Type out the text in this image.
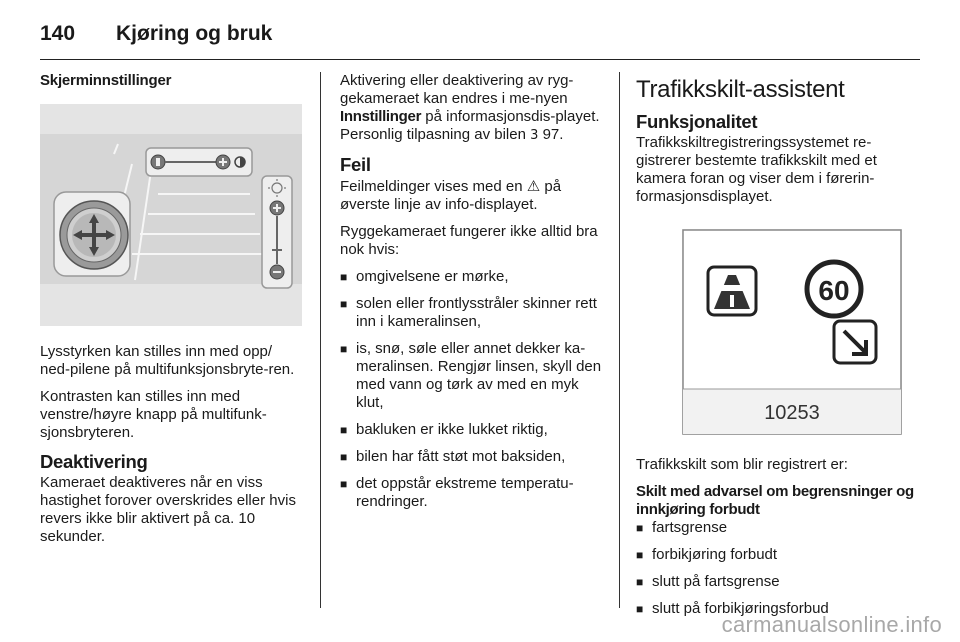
140 Kjøring og bruk
Skjerminnstillinger

Lysstyrken kan stilles inn med opp/ ned-pilene på multifunksjonsbryte-ren.

Kontrasten kan stilles inn med venstre/høyre knapp på multifunk-sjonsbryteren.

Deaktivering

Kameraet deaktiveres når en viss hastighet forover overskrides eller hvis revers ikke blir aktivert på ca. 10 sekunder.

Aktivering eller deaktivering av ryg-gekameraet kan endres i me-nyen Innstillinger på informasjonsdis-playet. Personlig tilpasning av bilen 3 97.

Feil

Feilmeldinger vises med en ⚠ på øverste linje av info-displayet.

Ryggekameraet fungerer ikke alltid bra nok hvis:

■ omgivelsene er mørke,
■ solen eller frontlysstråler skinner rett inn i kameralinsen,
■ is, snø, søle eller annet dekker ka-meralinsen. Rengjør linsen, skyll den med vann og tørk av med en myk klut,
■ bakluken er ikke lukket riktig,
■ bilen har fått støt mot baksiden,
■ det oppstår ekstreme temperatu-rendringer.
Trafikkskilt-assistent
Funksjonalitet

Trafikkskiltregistreringssystemet re-gistrerer bestemte trafikkskilt med et kamera foran og viser dem i førerin-formasjonsdisplayet.

60
10253

Trafikkskilt som blir registrert er:

Skilt med advarsel om begrensninger og innkjøring forbudt
■ fartsgrense
■ forbikjøring forbudt
■ slutt på fartsgrense
■ slutt på forbikjøringsforbud
carmanualsonline.info
